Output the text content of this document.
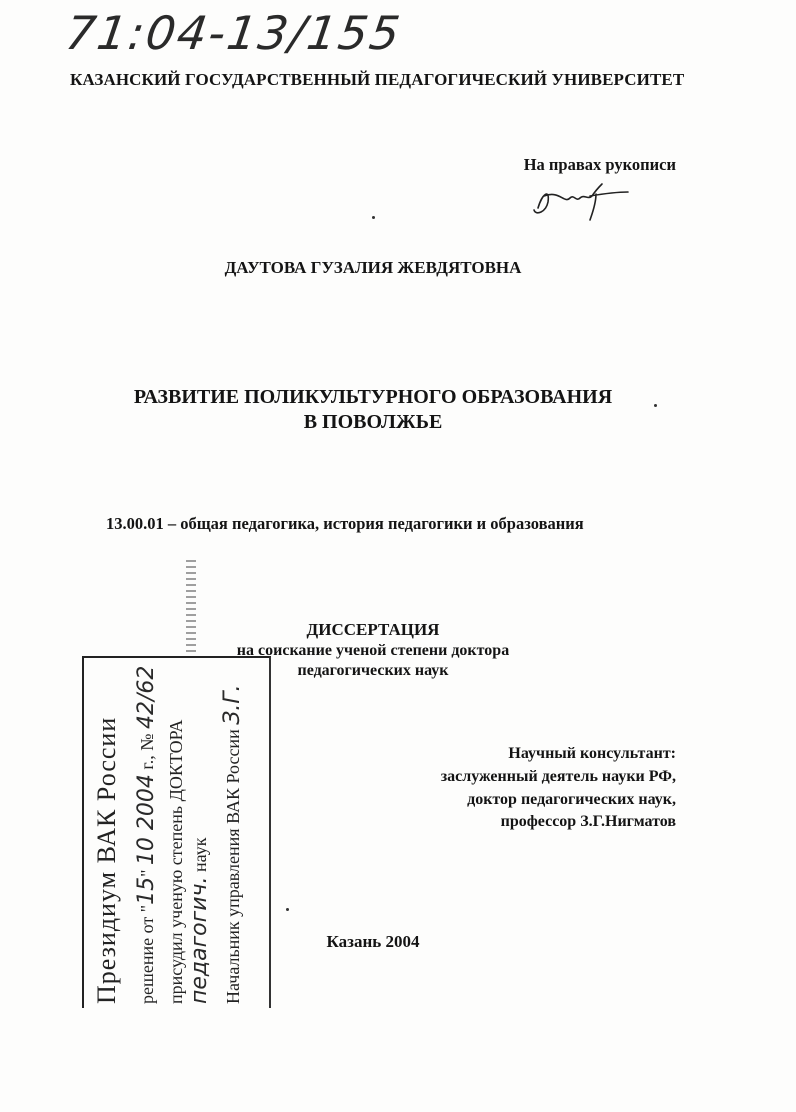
71:04-13/155
КАЗАНСКИЙ ГОСУДАРСТВЕННЫЙ ПЕДАГОГИЧЕСКИЙ УНИВЕРСИТЕТ
На правах рукописи
ДАУТОВА ГУЗАЛИЯ ЖЕВДЯТОВНА
РАЗВИТИЕ ПОЛИКУЛЬТУРНОГО ОБРАЗОВАНИЯ
В ПОВОЛЖЬЕ
13.00.01 – общая педагогика, история педагогики и образования
ДИССЕРТАЦИЯ
на соискание ученой степени доктора
педагогических наук
Научный консультант:
заслуженный деятель науки РФ,
доктор педагогических наук,
профессор З.Г.Нигматов
Казань 2004
Президиум ВАК России решение от "15" 10 2004 г., № 42/62
присудил ученую степень ДОКТОРА
педагогич. наук Начальник управления ВАК России З.Г.
